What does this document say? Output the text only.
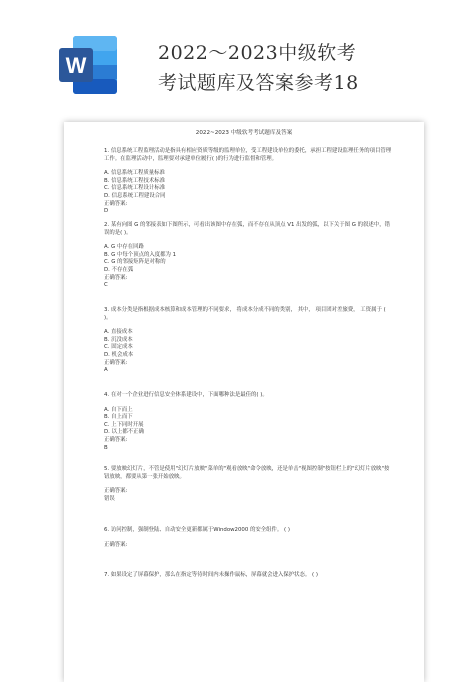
W	2022～2023中级软考
考试题库及答案参考18
2022~2023 中级软考考试题库及答案

1. 信息系统工程监理活动是指具有相应资质等级的监理单位，受工程建设单位的委托，承担工程建设监理任务的项目管理工作。在监理活动中，监理要对承建单位履行( )的行为进行监督和管理。

A. 信息系统工程质量标准

B. 信息系统工程技术标准

C. 信息系统工程设计标准

D. 信息系统工程建设合同

正确答案:

D

2. 某有向图 G 的邻接表如下图所示，可看出该图中存在弧，而不存在从顶点 V1 出发的弧，以下关于图 G 的叙述中，错误的是( )。

A. G 中存在回路

B. G 中每个顶点的入度都为 1

C. G 的邻接矩阵是对称的

D. 不存在弧

正确答案:

C

3. 成本分类是指根据成本核算和成本管理的不同要求， 将成本分成不同的类别， 其中， 项目团对差旅费， 工资属于 ( )。

A. 直接成本

B. 沉没成本

C. 固定成本

D. 机会成本

正确答案:

A

4. 在对一个企业进行信息安全体系建设中，下面哪种法是最佳的( )。

A. 自下而上

B. 自上而下

C. 上下同时开展

D. 以上都不正确

正确答案:

B

5. 要放映幻灯片，不管是使用"幻灯片放映"菜单的"观看放映"命令放映，还是单击"视图控制"按钮栏上的"幻灯片放映"按钮放映，都要从第一张开始放映。

正确答案:

错误

6. 访问控制，强制登陆、自动安全更新都属于Window2000 的安全组件。 ( )

正确答案:

7. 如果设定了屏幕保护，那么在指定等待时间内未操作鼠标，屏幕就会进入保护状态。 ( )
